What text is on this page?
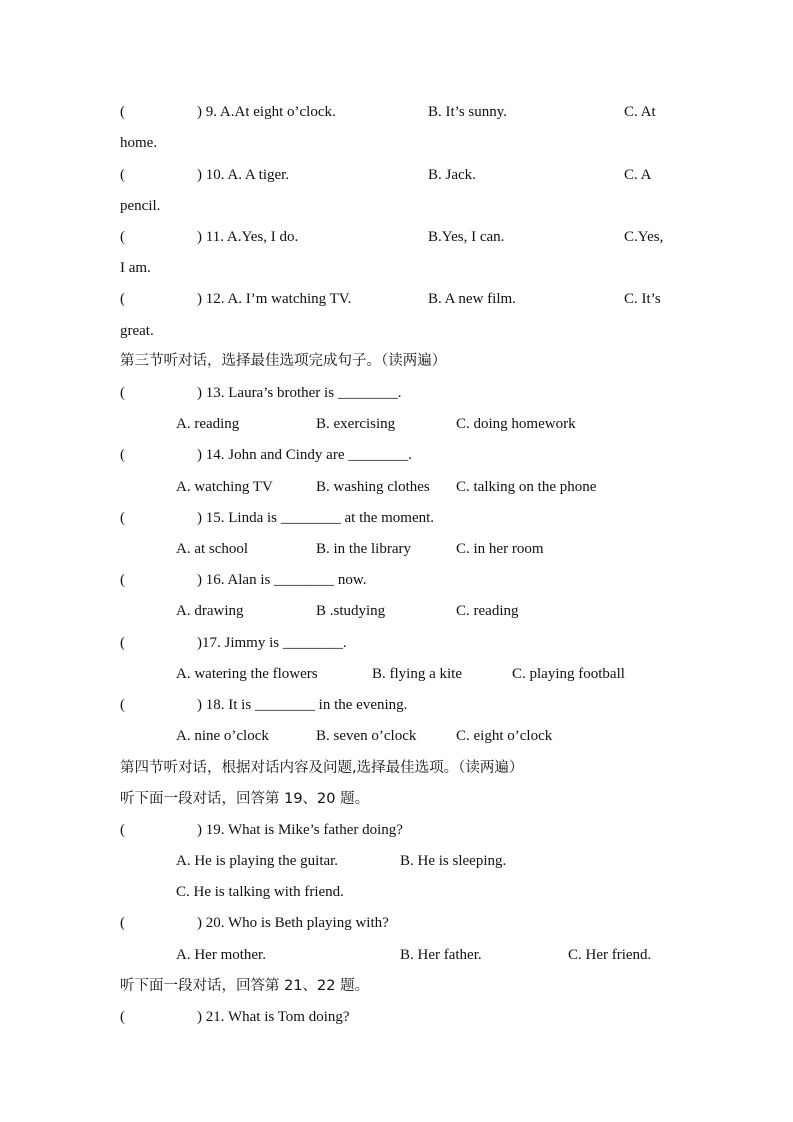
(	) 9. A.At eight o’clock.	B. It’s sunny.	C. At
home.
(	) 10. A. A tiger.	B. Jack.	C. A
pencil.
(	) 11. A.Yes, I do.	B.Yes, I can.	C.Yes,
I am.
(	) 12. A. I’m watching TV.	B. A new film.	C. It’s
great.
第三节听对话，选择最佳选项完成句子。（读两遍）
(	) 13. Laura’s brother is ________.
A. reading	B. exercising	C. doing homework
(	) 14. John and Cindy are ________.
A. watching TV	B. washing clothes C. talking on the phone
(	) 15. Linda is ________ at the moment.
A. at school	B. in the library	C. in her room
(	) 16. Alan is ________ now.
A. drawing	B .studying	C. reading
(	)17. Jimmy is ________.
A. watering the flowers	B. flying a kite	C. playing football
(	) 18. It is ________ in the evening.
A. nine o’clock	B. seven o’clock	C. eight o’clock
第四节听对话，根据对话内容及问题,选择最佳选项。（读两遍）
听下面一段对话，回答第 19、20 题。
(	) 19. What is Mike’s father doing?
A. He is playing the guitar.	B. He is sleeping.
C. He is talking with friend.
(	) 20. Who is Beth playing with?
A. Her mother.	B. Her father.	C. Her friend.
听下面一段对话，回答第 21、22 题。
(	) 21. What is Tom doing?
